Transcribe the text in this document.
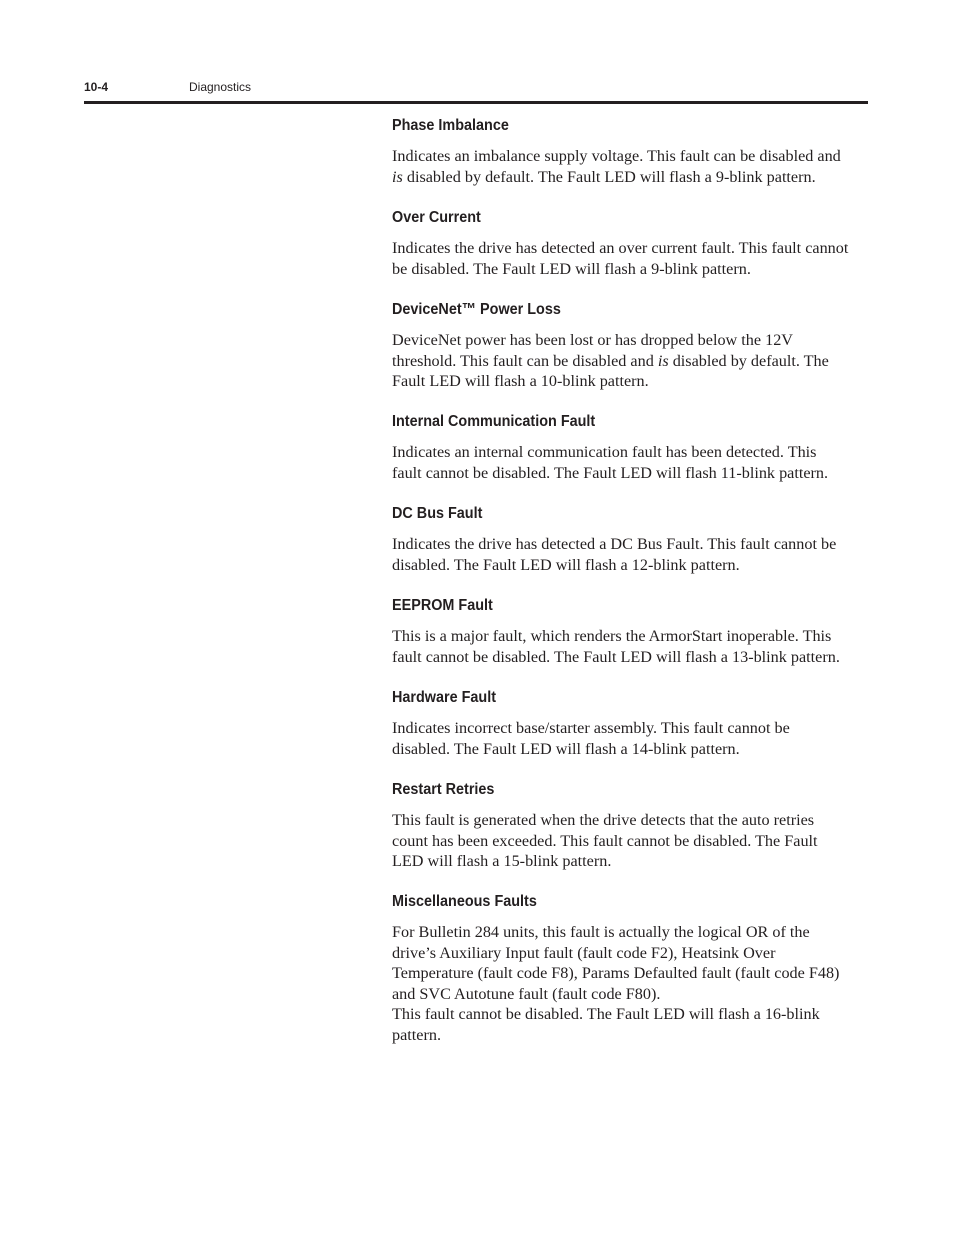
10-4	Diagnostics
Phase Imbalance

Indicates an imbalance supply voltage. This fault can be disabled and
is disabled by default. The Fault LED will flash a 9-blink pattern.

Over Current

Indicates the drive has detected an over current fault. This fault cannot
be disabled. The Fault LED will flash a 9-blink pattern.

DeviceNet™ Power Loss

DeviceNet power has been lost or has dropped below the 12V
threshold. This fault can be disabled and is disabled by default. The
Fault LED will flash a 10-blink pattern.

Internal Communication Fault

Indicates an internal communication fault has been detected. This
fault cannot be disabled. The Fault LED will flash 11-blink pattern.

DC Bus Fault

Indicates the drive has detected a DC Bus Fault. This fault cannot be
disabled. The Fault LED will flash a 12-blink pattern.

EEPROM Fault

This is a major fault, which renders the ArmorStart inoperable. This
fault cannot be disabled. The Fault LED will flash a 13-blink pattern.

Hardware Fault

Indicates incorrect base/starter assembly. This fault cannot be
disabled. The Fault LED will flash a 14-blink pattern.

Restart Retries

This fault is generated when the drive detects that the auto retries
count has been exceeded. This fault cannot be disabled. The Fault
LED will flash a 15-blink pattern.

Miscellaneous Faults

For Bulletin 284 units, this fault is actually the logical OR of the
drive’s Auxiliary Input fault (fault code F2), Heatsink Over
Temperature (fault code F8), Params Defaulted fault (fault code F48)
and SVC Autotune fault (fault code F80).
This fault cannot be disabled. The Fault LED will flash a 16-blink
pattern.
